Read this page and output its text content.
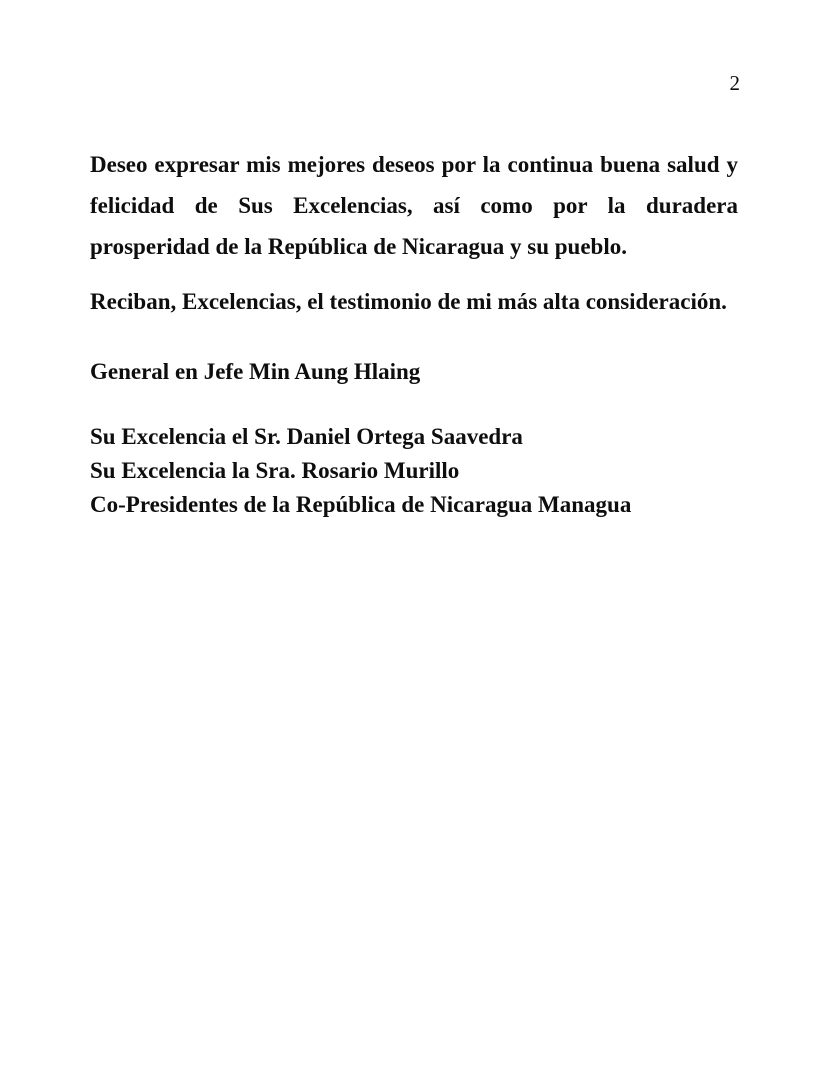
2
Deseo expresar mis mejores deseos por la continua buena salud y
felicidad de Sus Excelencias, así como por la duradera
prosperidad de la República de Nicaragua y su pueblo.
Reciban, Excelencias, el testimonio de mi más alta consideración.
General en Jefe Min Aung Hlaing
Su Excelencia el Sr. Daniel Ortega Saavedra
Su Excelencia la Sra. Rosario Murillo
Co-Presidentes de la República de Nicaragua Managua
